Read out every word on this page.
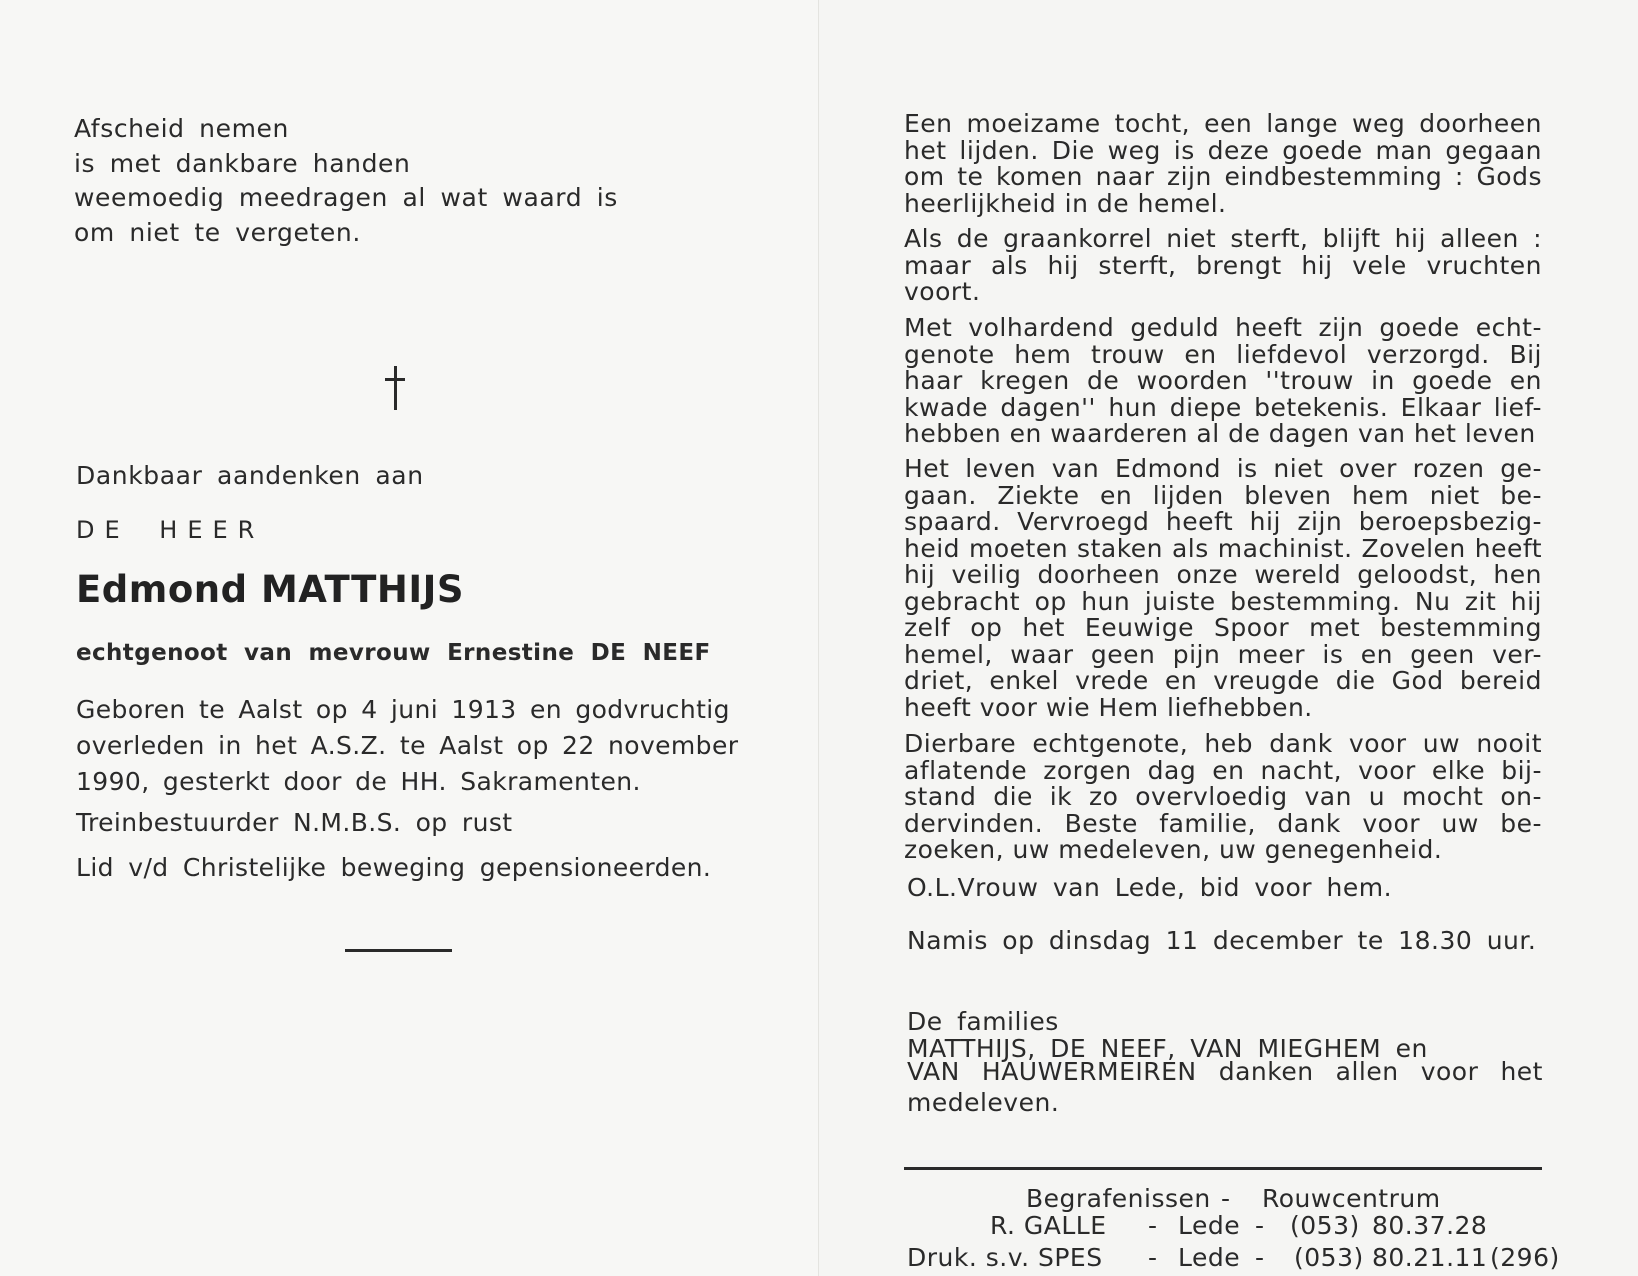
Afscheid nemen
is met dankbare handen
weemoedig meedragen al wat waard is
om niet te vergeten.
Dankbaar aandenken aan
DE HEER
Edmond MATTHIJS
echtgenoot van mevrouw Ernestine DE NEEF
Geboren te Aalst op 4 juni 1913 en godvruchtig
overleden in het A.S.Z. te Aalst op 22 november
1990, gesterkt door de HH. Sakramenten.
Treinbestuurder N.M.B.S. op rust
Lid v/d Christelijke beweging gepensioneerden.
Een moeizame tocht, een lange weg doorheen
het lijden. Die weg is deze goede man gegaan
om te komen naar zijn eindbestemming : Gods
heerlijkheid in de hemel.
Als de graankorrel niet sterft, blijft hij alleen :
maar als hij sterft, brengt hij vele vruchten
voort.
Met volhardend geduld heeft zijn goede echt-
genote hem trouw en liefdevol verzorgd. Bij
haar kregen de woorden ''trouw in goede en
kwade dagen'' hun diepe betekenis. Elkaar lief-
hebben en waarderen al de dagen van het leven
Het leven van Edmond is niet over rozen ge-
gaan. Ziekte en lijden bleven hem niet be-
spaard. Vervroegd heeft hij zijn beroepsbezig-
heid moeten staken als machinist. Zovelen heeft
hij veilig doorheen onze wereld geloodst, hen
gebracht op hun juiste bestemming. Nu zit hij
zelf op het Eeuwige Spoor met bestemming
hemel, waar geen pijn meer is en geen ver-
driet, enkel vrede en vreugde die God bereid
heeft voor wie Hem liefhebben.
Dierbare echtgenote, heb dank voor uw nooit
aflatende zorgen dag en nacht, voor elke bij-
stand die ik zo overvloedig van u mocht on-
dervinden. Beste familie, dank voor uw be-
zoeken, uw medeleven, uw genegenheid.
O.L.Vrouw van Lede, bid voor hem.
Namis op dinsdag 11 december te 18.30 uur.
De families
MATTHIJS, DE NEEF, VAN MIEGHEM en
VAN HAUWERMEIREN danken allen voor het
medeleven.
Begrafenissen - Rouwcentrum
R. GALLE - Lede - (053) 80.37.28
Druk. s.v. SPES - Lede - (053) 80.21.11 (296)
